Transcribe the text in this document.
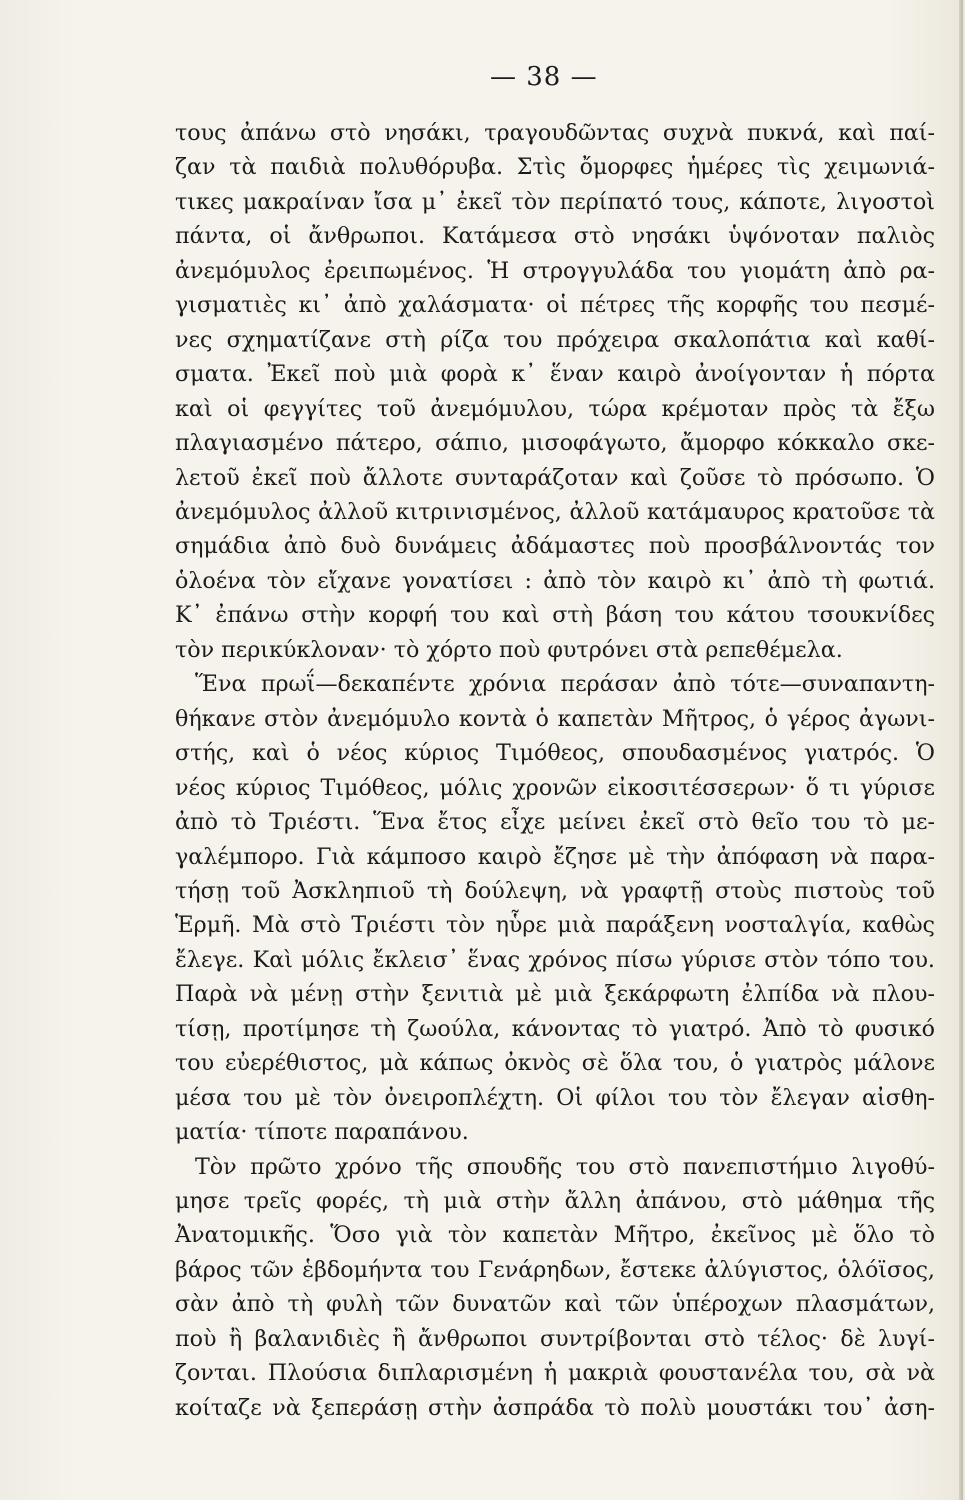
— 38 —
τους ἀπάνω στὸ νησάκι, τραγουδῶντας συχνὰ πυκνά, καὶ παί-
ζαν τὰ παιδιὰ πολυθόρυβα. Στὶς ὄμορφες ἡμέρες τὶς χειμωνιά-
τικες μακραίναν ἴσα μ᾽ ἐκεῖ τὸν περίπατό τους, κάποτε, λιγοστοὶ
πάντα, οἱ ἄνθρωποι. Κατάμεσα στὸ νησάκι ὑψόνοταν παλιὸς
ἀνεμόμυλος ἐρειπωμένος. Ἡ στρογγυλάδα του γιομάτη ἀπὸ ρα-
γισματιὲς κι᾽ ἀπὸ χαλάσματα· οἱ πέτρες τῆς κορφῆς του πεσμέ-
νες σχηματίζανε στὴ ρίζα του πρόχειρα σκαλοπάτια καὶ καθί-
σματα. Ἐκεῖ ποὺ μιὰ φορὰ κ᾽ ἕναν καιρὸ ἀνοίγονταν ἡ πόρτα
καὶ οἱ φεγγίτες τοῦ ἀνεμόμυλου, τώρα κρέμοταν πρὸς τὰ ἔξω
πλαγιασμένο πάτερο, σάπιο, μισοφάγωτο, ἄμορφο κόκκαλο σκε-
λετοῦ ἐκεῖ ποὺ ἄλλοτε συνταράζοταν καὶ ζοῦσε τὸ πρόσωπο. Ὁ
ἀνεμόμυλος ἀλλοῦ κιτρινισμένος, ἀλλοῦ κατάμαυρος κρατοῦσε τὰ
σημάδια ἀπὸ δυὸ δυνάμεις ἀδάμαστες ποὺ προσβάλνοντάς τον
ὁλοένα τὸν εἴχανε γονατίσει : ἀπὸ τὸν καιρὸ κι᾽ ἀπὸ τὴ φωτιά.
Κ᾽ ἐπάνω στὴν κορφή του καὶ στὴ βάση του κάτου τσουκνίδες
τὸν περικύκλοναν· τὸ χόρτο ποὺ φυτρόνει στὰ ρεπεθέμελα.
Ἕνα πρωΐ—δεκαπέντε χρόνια περάσαν ἀπὸ τότε—συναπαντη-
θήκανε στὸν ἀνεμόμυλο κοντὰ ὁ καπετὰν Μῆτρος, ὁ γέρος ἀγωνι-
στής, καὶ ὁ νέος κύριος Τιμόθεος, σπουδασμένος γιατρός. Ὁ
νέος κύριος Τιμόθεος, μόλις χρονῶν εἰκοσιτέσσερων· ὅ τι γύρισε
ἀπὸ τὸ Τριέστι. Ἕνα ἔτος εἶχε μείνει ἐκεῖ στὸ θεῖο του τὸ με-
γαλέμπορο. Γιὰ κάμποσο καιρὸ ἔζησε μὲ τὴν ἀπόφαση νὰ παρα-
τήσῃ τοῦ Ἀσκληπιοῦ τὴ δούλεψη, νὰ γραφτῇ στοὺς πιστοὺς τοῦ
Ἑρμῆ. Μὰ στὸ Τριέστι τὸν ηὗρε μιὰ παράξενη νοσταλγία, καθὼς
ἔλεγε. Καὶ μόλις ἔκλεισ᾽ ἕνας χρόνος πίσω γύρισε στὸν τόπο του.
Παρὰ νὰ μένῃ στὴν ξενιτιὰ μὲ μιὰ ξεκάρφωτη ἐλπίδα νὰ πλου-
τίσῃ, προτίμησε τὴ ζωούλα, κάνοντας τὸ γιατρό. Ἀπὸ τὸ φυσικό
του εὐερέθιστος, μὰ κάπως ὀκνὸς σὲ ὅλα του, ὁ γιατρὸς μάλονε
μέσα του μὲ τὸν ὀνειροπλέχτη. Οἱ φίλοι του τὸν ἔλεγαν αἰσθη-
ματία· τίποτε παραπάνου.
Τὸν πρῶτο χρόνο τῆς σπουδῆς του στὸ πανεπιστήμιο λιγοθύ-
μησε τρεῖς φορές, τὴ μιὰ στὴν ἄλλη ἀπάνου, στὸ μάθημα τῆς
Ἀνατομικῆς. Ὅσο γιὰ τὸν καπετὰν Μῆτρο, ἐκεῖνος μὲ ὅλο τὸ
βάρος τῶν ἑβδομήντα του Γενάρηδων, ἔστεκε ἀλύγιστος, ὁλόϊσος,
σὰν ἀπὸ τὴ φυλὴ τῶν δυνατῶν καὶ τῶν ὑπέροχων πλασμάτων,
ποὺ ἢ βαλανιδιὲς ἢ ἄνθρωποι συντρίβονται στὸ τέλος· δὲ λυγί-
ζονται. Πλούσια διπλαρισμένη ἡ μακριὰ φουστανέλα του, σὰ νὰ
κοίταζε νὰ ξεπεράσῃ στὴν ἀσπράδα τὸ πολὺ μουστάκι του᾽ ἀση-
